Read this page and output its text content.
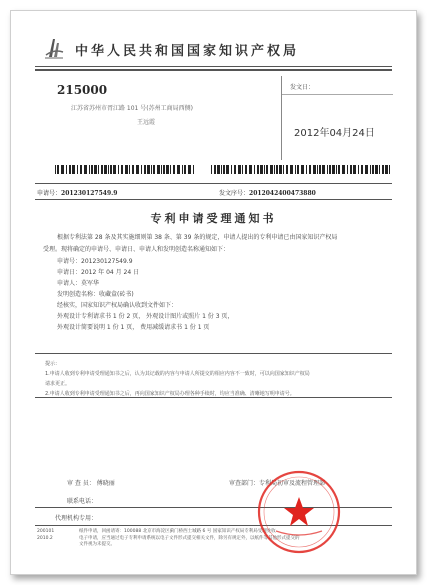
中华人民共和国国家知识产权局
215000
江苏省苏州市胥江路 101 号(苏州工商局西侧)
王远霞
发文日：
2012年04月24日
申请号：201230127549.9	发文序号：2012042400473880
专利申请受理通知书
根据专利法第 28 条及其实施细则第 38 条、第 39 条的规定，申请人提出的专利申请已由国家知识产权局
受理。现将确定的申请号、申请日、申请人和发明创造名称通知如下：
申请号：201230127549.9
申请日：2012 年 04 月 24 日
申请人：莫军华
发明创造名称：收藏盒(砖书)
经核实，国家知识产权局确认收到文件如下：
外观设计专利请求书 1 份 2 页， 外观设计图片或照片 1 份 3 页，
外观设计简要说明 1 份 1 页， 费用减缓请求书 1 份 1 页
提示：
1.申请人收到专利申请受理通知书之后，认为其记载的内容与申请人所提交的相应内容不一致时，可以向国家知识产权局
请求更正。
2.申请人收到专利申请受理通知书之后，再向国家知识产权局办理各种手续时，均应当准确、清晰地写明申请号。
审 查 员： 傅晓丽	审查部门：专利局初审及流程管理部
联系电话：
代理机构专用：
200101	纸件申请，回函请寄：100088 北京市海淀区蓟门桥西土城路 6 号 国家知识产权局专利局受理处收
2010.2	电子申请，应当通过电子专利申请系统以电子文件形式提交相关文件，除另有规定外，以纸件等其他形式提交的
文件视为未提交。
